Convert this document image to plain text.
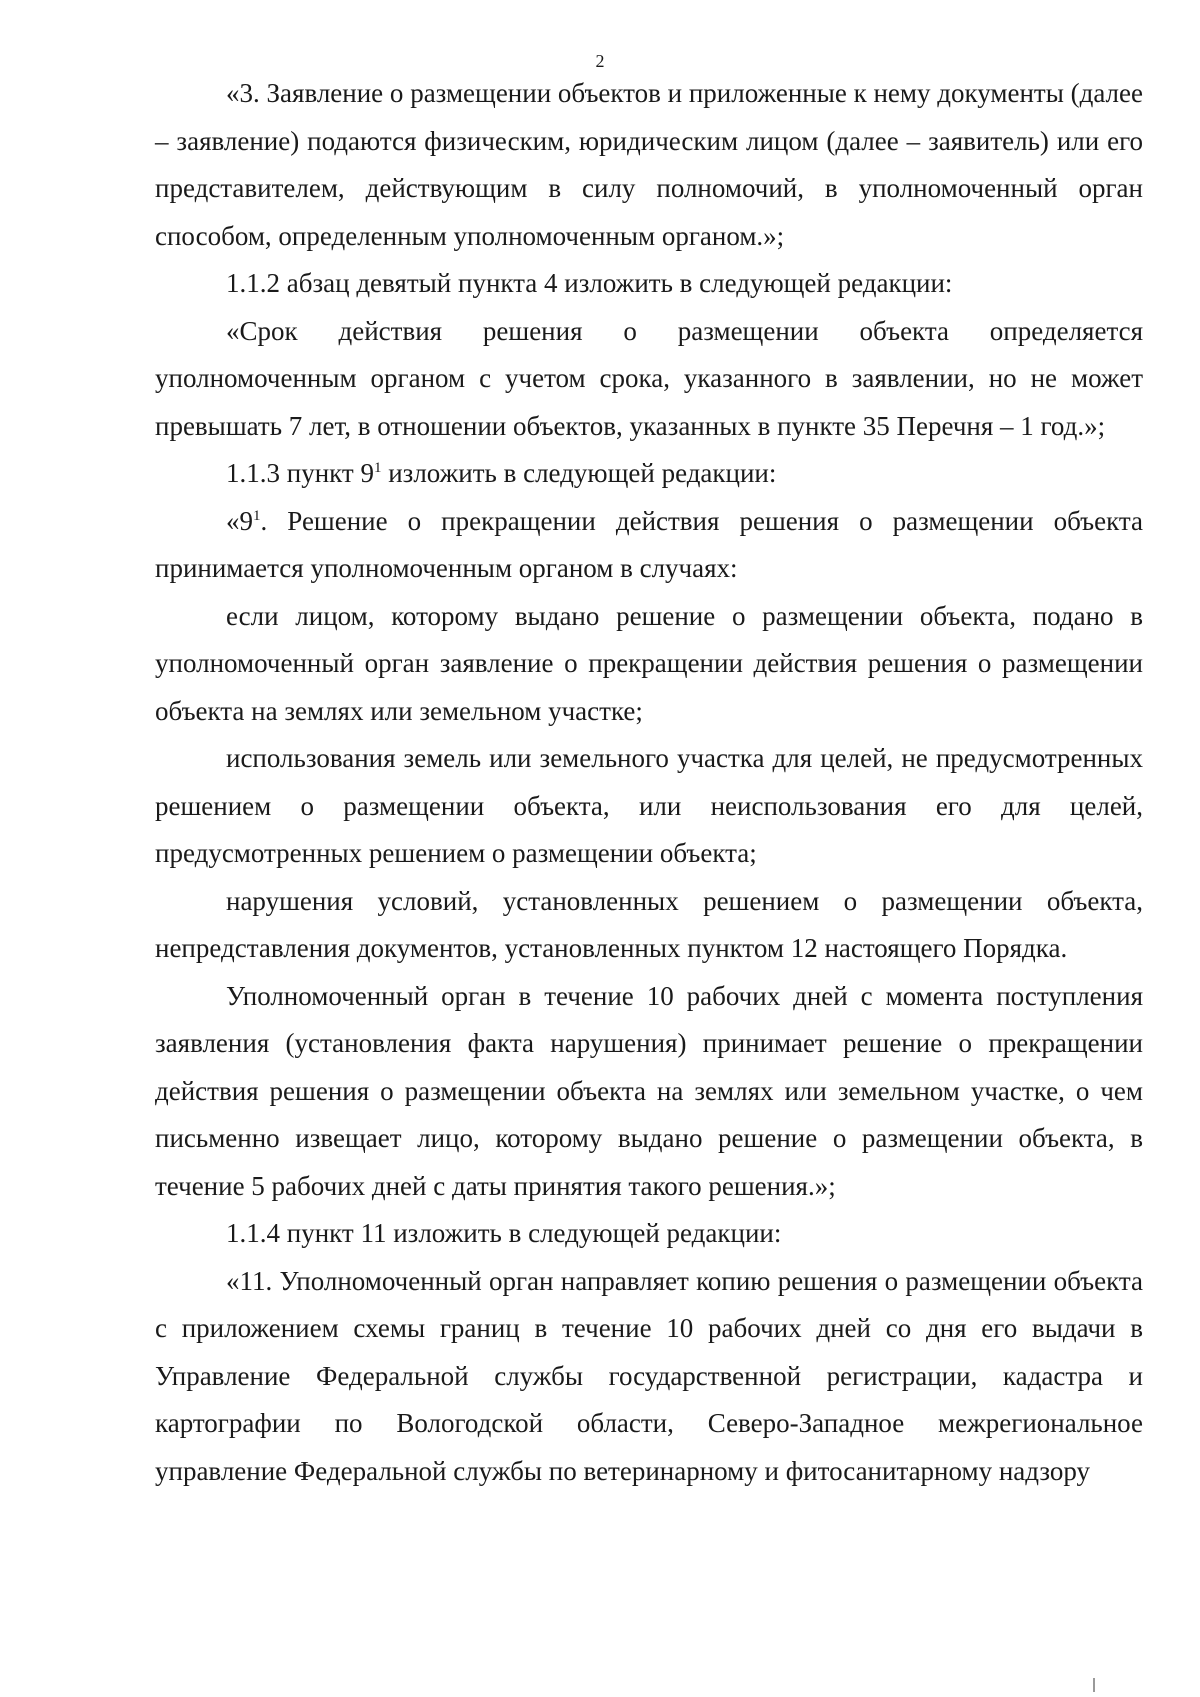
2

«3. Заявление о размещении объектов и приложенные к нему документы (далее – заявление) подаются физическим, юридическим лицом (далее – заявитель) или его представителем, действующим в силу полномочий, в уполномоченный орган способом, определенным уполномоченным органом.»;

1.1.2 абзац девятый пункта 4 изложить в следующей редакции:

«Срок действия решения о размещении объекта определяется уполномоченным органом с учетом срока, указанного в заявлении, но не может превышать 7 лет, в отношении объектов, указанных в пункте 35 Перечня – 1 год.»;

1.1.3 пункт $9^1$ изложить в следующей редакции:

«$9^1$. Решение о прекращении действия решения о размещении объекта принимается уполномоченным органом в случаях:

если лицом, которому выдано решение о размещении объекта, подано в уполномоченный орган заявление о прекращении действия решения о размещении объекта на землях или земельном участке;

использования земель или земельного участка для целей, не предусмотренных решением о размещении объекта, или неиспользования его для целей, предусмотренных решением о размещении объекта;

нарушения условий, установленных решением о размещении объекта, непредставления документов, установленных пунктом 12 настоящего Порядка.

Уполномоченный орган в течение 10 рабочих дней с момента поступления заявления (установления факта нарушения) принимает решение о прекращении действия решения о размещении объекта на землях или земельном участке, о чем письменно извещает лицо, которому выдано решение о размещении объекта, в течение 5 рабочих дней с даты принятия такого решения.»;

1.1.4 пункт 11 изложить в следующей редакции:

«11. Уполномоченный орган направляет копию решения о размещении объекта с приложением схемы границ в течение 10 рабочих дней со дня его выдачи в Управление Федеральной службы государственной регистрации, кадастра и картографии по Вологодской области, Северо-Западное межрегиональное управление Федеральной службы по ветеринарному и фитосанитарному надзору
